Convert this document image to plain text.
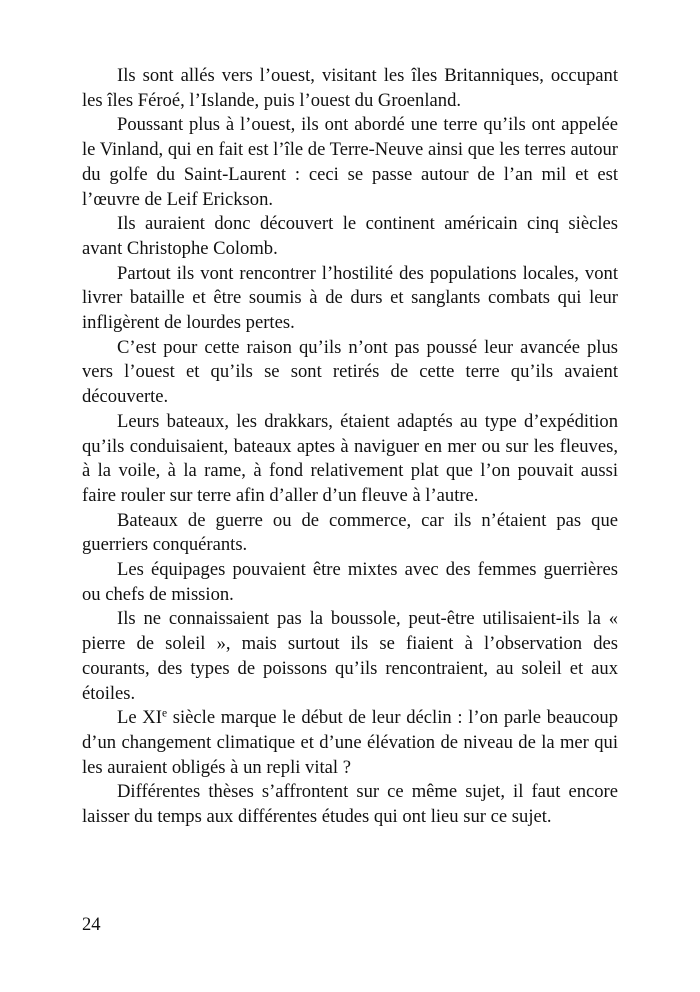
Ils sont allés vers l’ouest, visitant les îles Britanniques, occupant les îles Féroé, l’Islande, puis l’ouest du Groenland.

Poussant plus à l’ouest, ils ont abordé une terre qu’ils ont appelée le Vinland, qui en fait est l’île de Terre-Neuve ainsi que les terres autour du golfe du Saint-Laurent : ceci se passe autour de l’an mil et est l’œuvre de Leif Erickson.

Ils auraient donc découvert le continent américain cinq siècles avant Christophe Colomb.

Partout ils vont rencontrer l’hostilité des populations locales, vont livrer bataille et être soumis à de durs et sanglants combats qui leur infligèrent de lourdes pertes.

C’est pour cette raison qu’ils n’ont pas poussé leur avancée plus vers l’ouest et qu’ils se sont retirés de cette terre qu’ils avaient découverte.

Leurs bateaux, les drakkars, étaient adaptés au type d’expédition qu’ils conduisaient, bateaux aptes à naviguer en mer ou sur les fleuves, à la voile, à la rame, à fond relativement plat que l’on pouvait aussi faire rouler sur terre afin d’aller d’un fleuve à l’autre.

Bateaux de guerre ou de commerce, car ils n’étaient pas que guerriers conquérants.

Les équipages pouvaient être mixtes avec des femmes guerrières ou chefs de mission.

Ils ne connaissaient pas la boussole, peut-être utilisaient-ils la « pierre de soleil », mais surtout ils se fiaient à l’observation des courants, des types de poissons qu’ils rencontraient, au soleil et aux étoiles.

Le XIe siècle marque le début de leur déclin : l’on parle beaucoup d’un changement climatique et d’une élévation de niveau de la mer qui les auraient obligés à un repli vital ?

Différentes thèses s’affrontent sur ce même sujet, il faut encore laisser du temps aux différentes études qui ont lieu sur ce sujet.

24
